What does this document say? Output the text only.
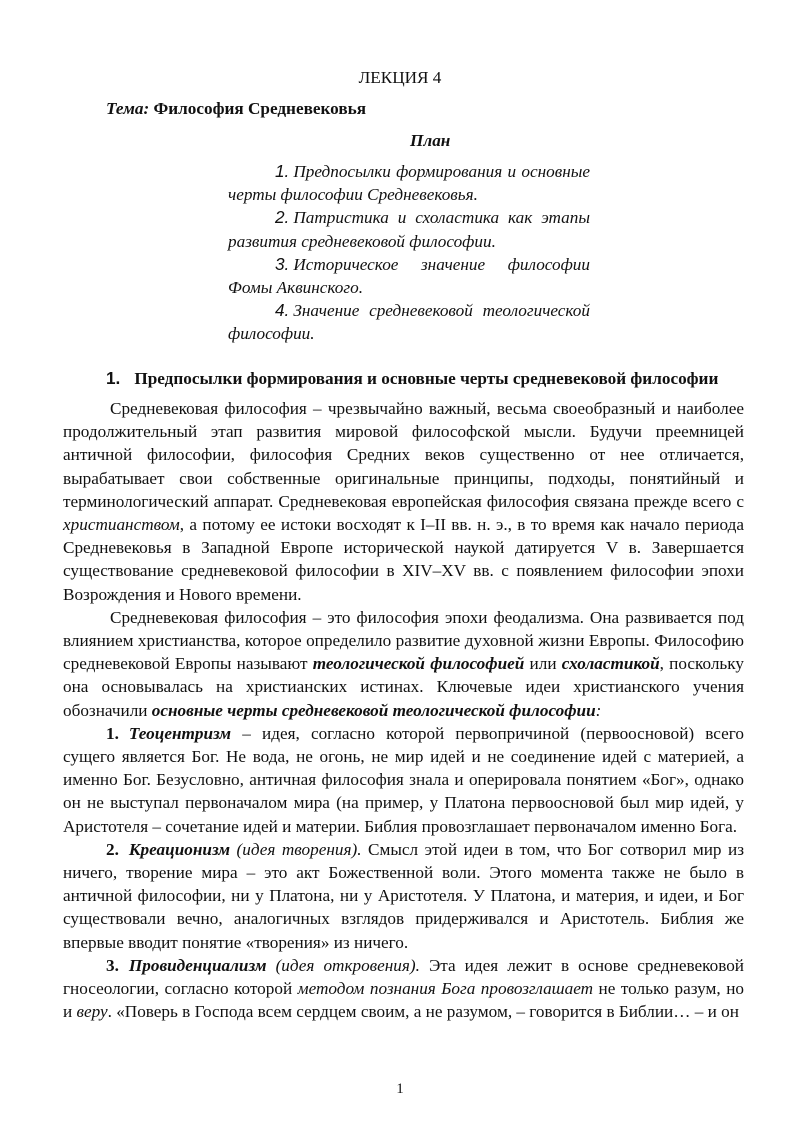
ЛЕКЦИЯ 4
Тема: Философия Средневековья
План

1. Предпосылки формирования и основные черты философии Средневековья.

2. Патристика и схоластика как этапы развития средневековой философии.

3. Историческое значение философии Фомы Аквинского.

4. Значение средневековой теологической философии.

1. Предпосылки формирования и основные черты средневековой философии

Средневековая философия – чрезвычайно важный, весьма своеобразный и наиболее продолжительный этап развития мировой философской мысли. Будучи преемницей античной философии, философия Средних веков существенно от нее отличается, вырабатывает свои собственные оригинальные принципы, подходы, понятийный и терминологический аппарат. Средневековая европейская философия связана прежде всего с христианством, а потому ее истоки восходят к I–II вв. н. э., в то время как начало периода Средневековья в Западной Европе исторической наукой датируется V в. Завершается существование средневековой философии в XIV–XV вв. с появлением философии эпохи Возрождения и Нового времени.

Средневековая философия – это философия эпохи феодализма. Она развивается под влиянием христианства, которое определило развитие духовной жизни Европы. Философию средневековой Европы называют теологической философией или схоластикой, поскольку она основывалась на христианских истинах. Ключевые идеи христианского учения обозначили основные черты средневековой теологической философии:

1. Теоцентризм – идея, согласно которой первопричиной (первоосновой) всего сущего является Бог. Не вода, не огонь, не мир идей и не соединение идей с материей, а именно Бог. Безусловно, античная философия знала и оперировала понятием «Бог», однако он не выступал первоначалом мира (на пример, у Платона первоосновой был мир идей, у Аристотеля – сочетание идей и материи. Библия провозглашает первоначалом именно Бога.

2. Креационизм (идея творения). Смысл этой идеи в том, что Бог сотворил мир из ничего, творение мира – это акт Божественной воли. Этого момента также не было в античной философии, ни у Платона, ни у Аристотеля. У Платона, и материя, и идеи, и Бог существовали вечно, аналогичных взглядов придерживался и Аристотель. Библия же впервые вводит понятие «творения» из ничего.

3. Провиденциализм (идея откровения). Эта идея лежит в основе средневековой гносеологии, согласно которой методом познания Бога провозглашает не только разум, но и веру. «Поверь в Господа всем сердцем своим, а не разумом, – говорится в Библии… – и он

1
